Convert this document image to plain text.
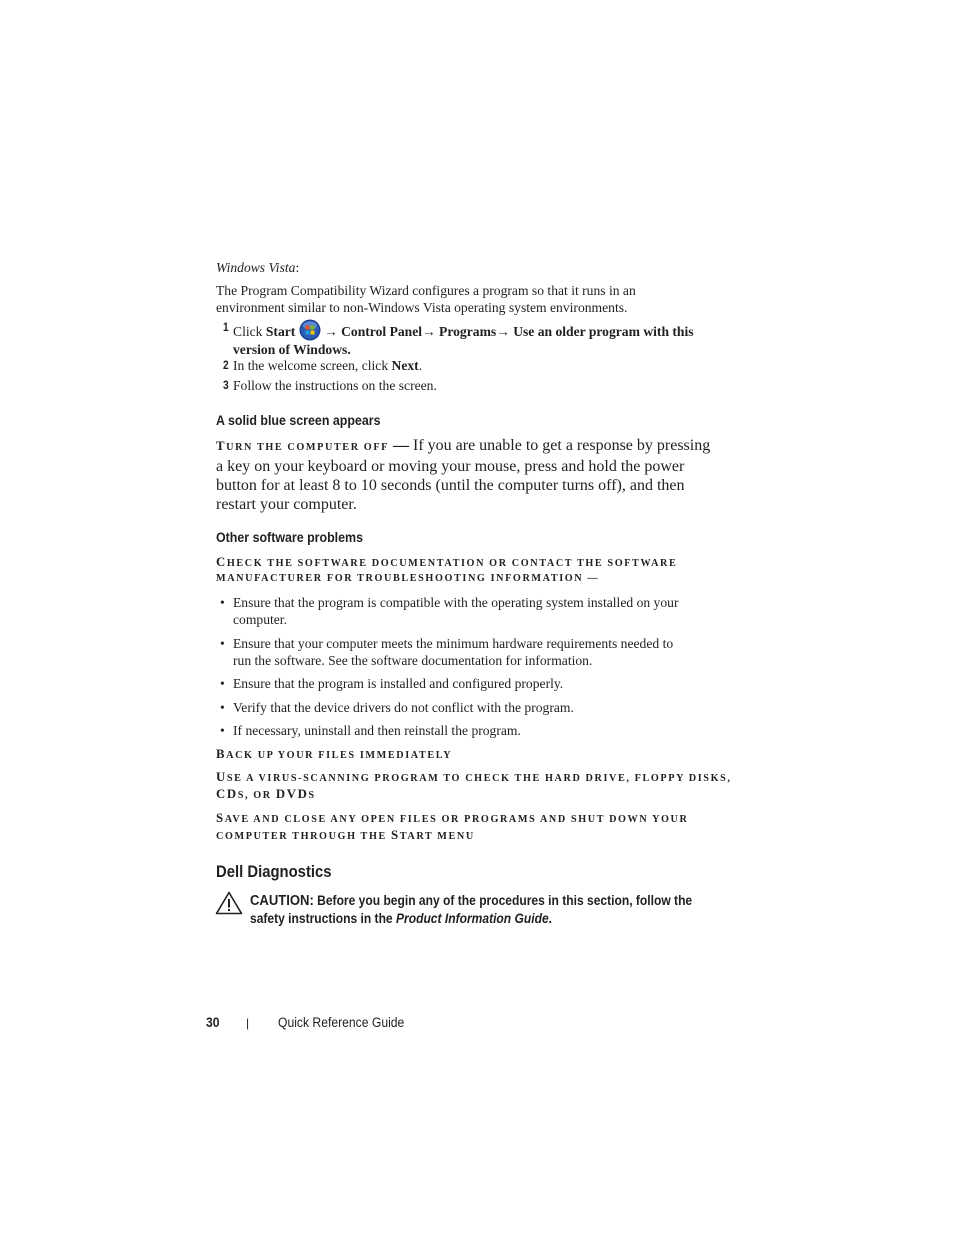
Windows Vista:
The Program Compatibility Wizard configures a program so that it runs in an environment similar to non-Windows Vista operating system environments.
1 Click Start  → Control Panel→ Programs→ Use an older program with this
version of Windows.
2 In the welcome screen, click Next.
3 Follow the instructions on the screen.
A solid blue screen appears
TURN THE COMPUTER OFF — If you are unable to get a response by pressing a key on your keyboard or moving your mouse, press and hold the power button for at least 8 to 10 seconds (until the computer turns off), and then restart your computer.
Other software problems
CHECK THE SOFTWARE DOCUMENTATION OR CONTACT THE SOFTWARE
MANUFACTURER FOR TROUBLESHOOTING INFORMATION —
• Ensure that the program is compatible with the operating system installed on your
computer.
• Ensure that your computer meets the minimum hardware requirements needed to
run the software. See the software documentation for information.
• Ensure that the program is installed and configured properly.
• Verify that the device drivers do not conflict with the program.
• If necessary, uninstall and then reinstall the program.
BACK UP YOUR FILES IMMEDIATELY
USE A VIRUS-SCANNING PROGRAM TO CHECK THE HARD DRIVE, FLOPPY DISKS,
CDS, OR DVDS
SAVE AND CLOSE ANY OPEN FILES OR PROGRAMS AND SHUT DOWN YOUR
COMPUTER THROUGH THE START MENU
Dell Diagnostics
CAUTION: Before you begin any of the procedures in this section, follow the safety instructions in the Product Information Guide.
30 | Quick Reference Guide
